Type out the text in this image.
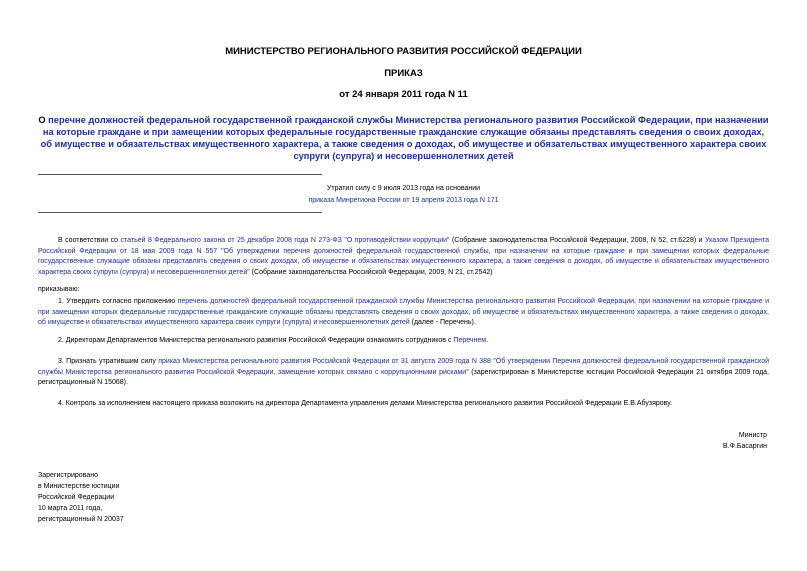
МИНИСТЕРСТВО РЕГИОНАЛЬНОГО РАЗВИТИЯ РОССИЙСКОЙ ФЕДЕРАЦИИ
ПРИКАЗ
от 24 января 2011 года N 11
О перечне должностей федеральной государственной гражданской службы Министерства регионального развития Российской Федерации, при назначении на которые граждане и при замещении которых федеральные государственные гражданские служащие обязаны представлять сведения о своих доходах, об имуществе и обязательствах имущественного характера, а также сведения о доходах, об имуществе и обязательствах имущественного характера своих супруги (супруга) и несовершеннолетних детей
Утратил силу с 9 июля 2013 года на основании
приказа Минрегиона России от 19 апреля 2013 года N 171
В соответствии со статьей 8 Федерального закона от 25 декабря 2008 года N 273-ФЗ "О противодействии коррупции" (Собрание законодательства Российской Федерации, 2008, N 52, ст.6228) и Указом Президента Российской Федерации от 18 мая 2009 года N 557 "Об утверждении перечня должностей федеральной государственной службы, при назначении на которые граждане и при замещении которых федеральные государственные служащие обязаны представлять сведения о своих доходах, об имуществе и обязательствах имущественного характера, а также сведения о доходах, об имуществе и обязательствах имущественного характера своих супруги (супруга) и несовершеннолетних детей" (Собрание законодательства Российской Федерации, 2009, N 21, ст.2542)
приказываю:
1. Утвердить согласно приложению перечень должностей федеральной государственной гражданской службы Министерства регионального развития Российской Федерации, при назначении на которые граждане и при замещении которых федеральные государственные гражданские служащие обязаны представлять сведения о своих доходах, об имуществе и обязательствах имущественного характера, а также сведения о доходах, об имуществе и обязательствах имущественного характера своих супруги (супруга) и несовершеннолетних детей (далее - Перечень).
2. Директорам Департаментов Министерства регионального развития Российской Федерации ознакомить сотрудников с Перечнем.
3. Признать утратившим силу приказ Министерства регионального развития Российской Федерации от 31 августа 2009 года N 388 "Об утверждении Перечня должностей федеральной государственной гражданской службы Министерства регионального развития Российской Федерации, замещение которых связано с коррупционными рисками" (зарегистрирован в Министерстве юстиции Российской Федерации 21 октября 2009 года, регистрационный N 15068).
4. Контроль за исполнением настоящего приказа возложить на директора Департамента управления делами Министерства регионального развития Российской Федерации Е.В.Абузярову.
Министр
В.Ф.Басаргин
Зарегистрировано
в Министерстве юстиции
Российской Федерации
10 марта 2011 года,
регистрационный N 20037
